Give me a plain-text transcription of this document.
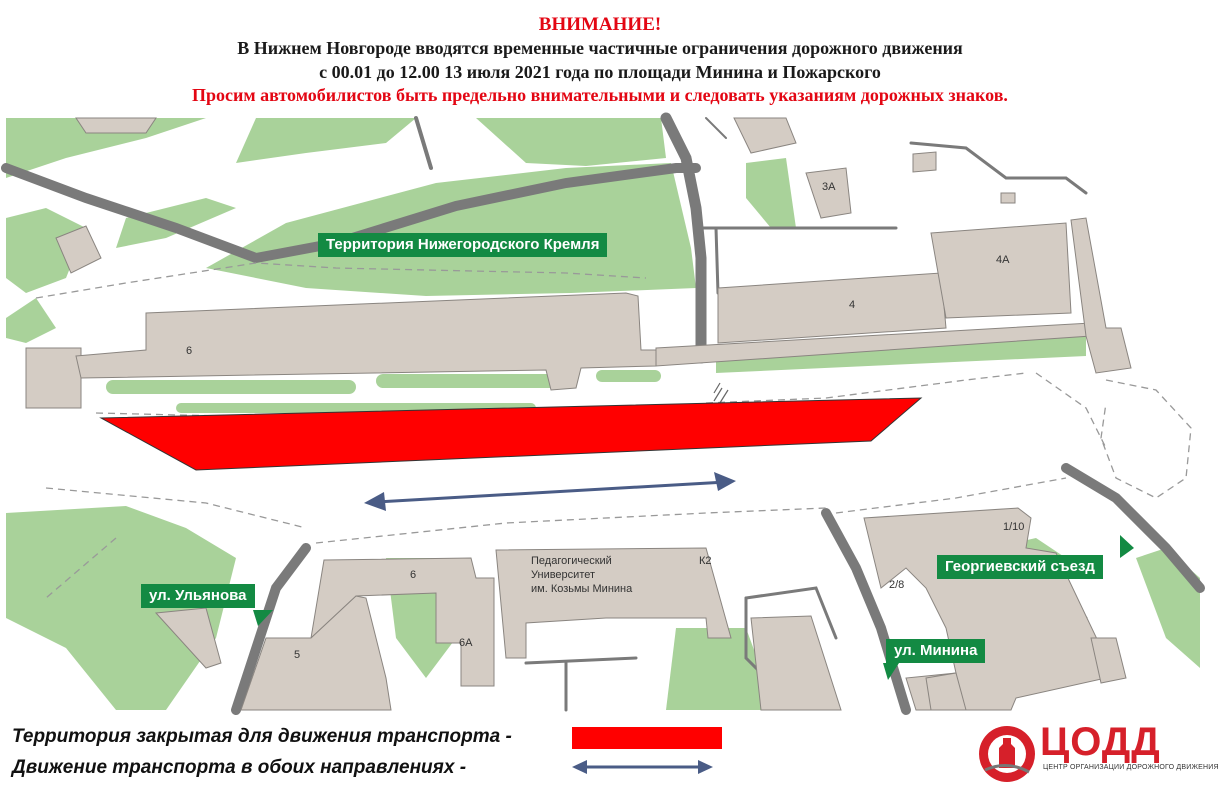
ВНИМАНИЕ!
В Нижнем Новгороде вводятся временные частичные ограничения дорожного движения
с 00.01 до 12.00 13 июля 2021 года по площади Минина и Пожарского
Просим автомобилистов быть предельно внимательными и следовать указаниям дорожных знаков.
6
4
4А
3А
6
6А
5
К2
2/8
1/10
Педагогический
Университет
им. Козьмы Минина
Территория Нижегородского Кремля
ул. Ульянова
ул. Минина
Георгиевский съезд
Территория закрытая для движения транспорта -
Движение транспорта в обоих направлениях -
ЦОДД
ЦЕНТР ОРГАНИЗАЦИИ ДОРОЖНОГО ДВИЖЕНИЯ
